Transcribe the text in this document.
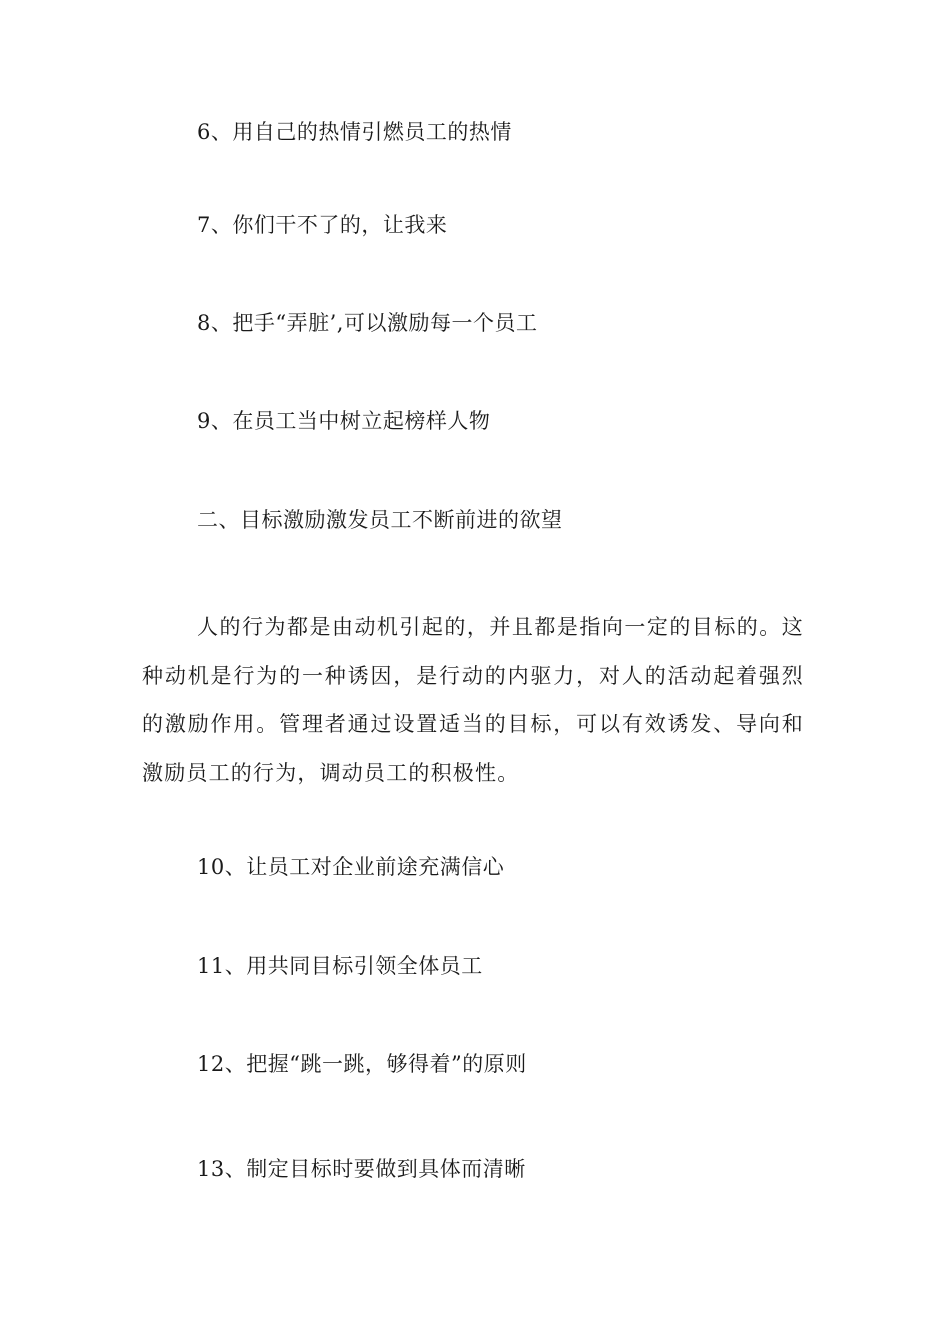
6、用自己的热情引燃员工的热情
7、你们干不了的，让我来
8、把手“弄脏’,可以激励每一个员工
9、在员工当中树立起榜样人物
二、目标激励激发员工不断前进的欲望

人的行为都是由动机引起的，并且都是指向一定的目标的。这种动机是行为的一种诱因，是行动的内驱力，对人的活动起着强烈的激励作用。管理者通过设置适当的目标，可以有效诱发、导向和激励员工的行为，调动员工的积极性。

10、让员工对企业前途充满信心
11、用共同目标引领全体员工
12、把握“跳一跳，够得着”的原则
13、制定目标时要做到具体而清晰
